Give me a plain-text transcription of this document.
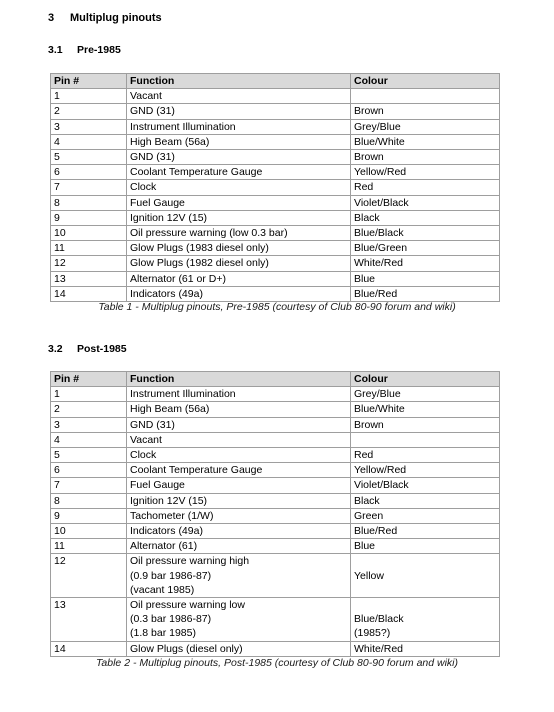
3 Multiplug pinouts
3.1 Pre-1985
Pin #	Function	Colour
1	Vacant	

2	GND (31)	Brown

3	Instrument Illumination	Grey/Blue

4	High Beam (56a)	Blue/White

5	GND (31)	Brown

6	Coolant Temperature Gauge	Yellow/Red

7	Clock	Red

8	Fuel Gauge	Violet/Black

9	Ignition 12V (15)	Black

10	Oil pressure warning (low 0.3 bar)	Blue/Black

11	Glow Plugs (1983 diesel only)	Blue/Green

12	Glow Plugs (1982 diesel only)	White/Red

13	Alternator (61 or D+)	Blue

14	Indicators (49a)	Blue/Red
Table 1 - Multiplug pinouts, Pre-1985 (courtesy of Club 80-90 forum and wiki)
3.2 Post-1985
Pin #	Function	Colour
1	Instrument Illumination	Grey/Blue

2	High Beam (56a)	Blue/White

3	GND (31)	Brown

4	Vacant	

5	Clock	Red

6	Coolant Temperature Gauge	Yellow/Red

7	Fuel Gauge	Violet/Black

8	Ignition 12V (15)	Black

9	Tachometer (1/W)	Green

10	Indicators (49a)	Blue/Red

11	Alternator (61)	Blue

12	Oil pressure warning high
(0.9 bar 1986-87)
(vacant 1985)	Yellow

13	Oil pressure warning low
(0.3 bar 1986-87)
(1.8 bar 1985)	Blue/Black
(1985?)

14	Glow Plugs (diesel only)	White/Red
Table 2 - Multiplug pinouts, Post-1985 (courtesy of Club 80-90 forum and wiki)
